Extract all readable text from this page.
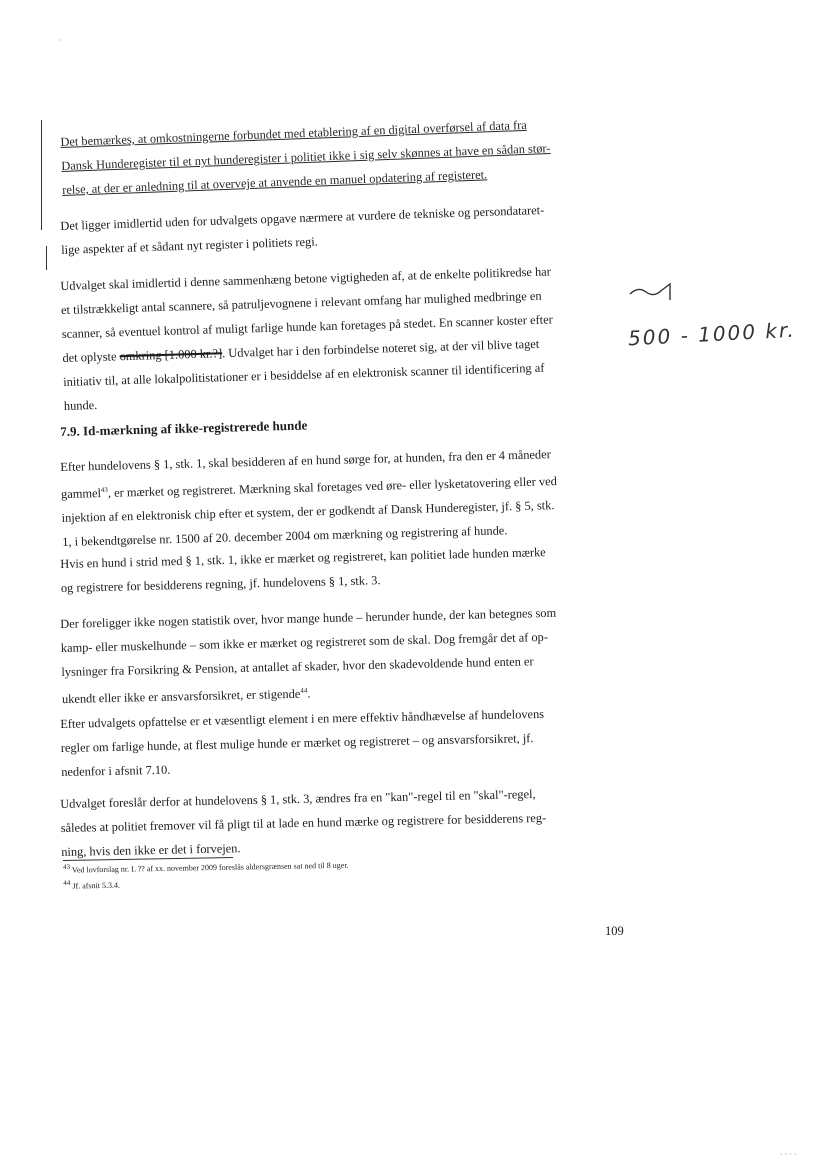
Det bemærkes, at omkostningerne forbundet med etablering af en digital overførsel af data fra
Dansk Hunderegister til et nyt hunderegister i politiet ikke i sig selv skønnes at have en sådan stør-
relse, at der er anledning til at overveje at anvende en manuel opdatering af registeret.
Det ligger imidlertid uden for udvalgets opgave nærmere at vurdere de tekniske og persondataret-
lige aspekter af et sådant nyt register i politiets regi.
Udvalget skal imidlertid i denne sammenhæng betone vigtigheden af, at de enkelte politikredse har
et tilstrækkeligt antal scannere, så patruljevognene i relevant omfang har mulighed medbringe en
scanner, så eventuel kontrol af muligt farlige hunde kan foretages på stedet. En scanner koster efter
det oplyste omkring [1.000 kr.?]. Udvalget har i den forbindelse noteret sig, at der vil blive taget
initiativ til, at alle lokalpolitistationer er i besiddelse af en elektronisk scanner til identificering af
hunde.
500 - 1000 kr.
7.9. Id-mærkning af ikke-registrerede hunde
Efter hundelovens § 1, stk. 1, skal besidderen af en hund sørge for, at hunden, fra den er 4 måneder
gammel$^{43}$, er mærket og registreret. Mærkning skal foretages ved øre- eller lysketatovering eller ved
injektion af en elektronisk chip efter et system, der er godkendt af Dansk Hunderegister, jf. § 5, stk.
1, i bekendtgørelse nr. 1500 af 20. december 2004 om mærkning og registrering af hunde.
Hvis en hund i strid med § 1, stk. 1, ikke er mærket og registreret, kan politiet lade hunden mærke
og registrere for besidderens regning, jf. hundelovens § 1, stk. 3.
Der foreligger ikke nogen statistik over, hvor mange hunde – herunder hunde, der kan betegnes som
kamp- eller muskelhunde – som ikke er mærket og registreret som de skal. Dog fremgår det af op-
lysninger fra Forsikring & Pension, at antallet af skader, hvor den skadevoldende hund enten er
ukendt eller ikke er ansvarsforsikret, er stigende$^{44}$.
Efter udvalgets opfattelse er et væsentligt element i en mere effektiv håndhævelse af hundelovens
regler om farlige hunde, at flest mulige hunde er mærket og registreret – og ansvarsforsikret, jf.
nedenfor i afsnit 7.10.
Udvalget foreslår derfor at hundelovens § 1, stk. 3, ændres fra en "kan"-regel til en "skal"-regel,
således at politiet fremover vil få pligt til at lade en hund mærke og registrere for besidderens reg-
ning, hvis den ikke er det i forvejen.
$^{43}$ Ved lovforslag nr. L ?? af xx. november 2009 foreslås aldersgrænsen sat ned til 8 uger.
$^{44}$ Jf. afsnit 5.3.4.
109
·
· · · ·
